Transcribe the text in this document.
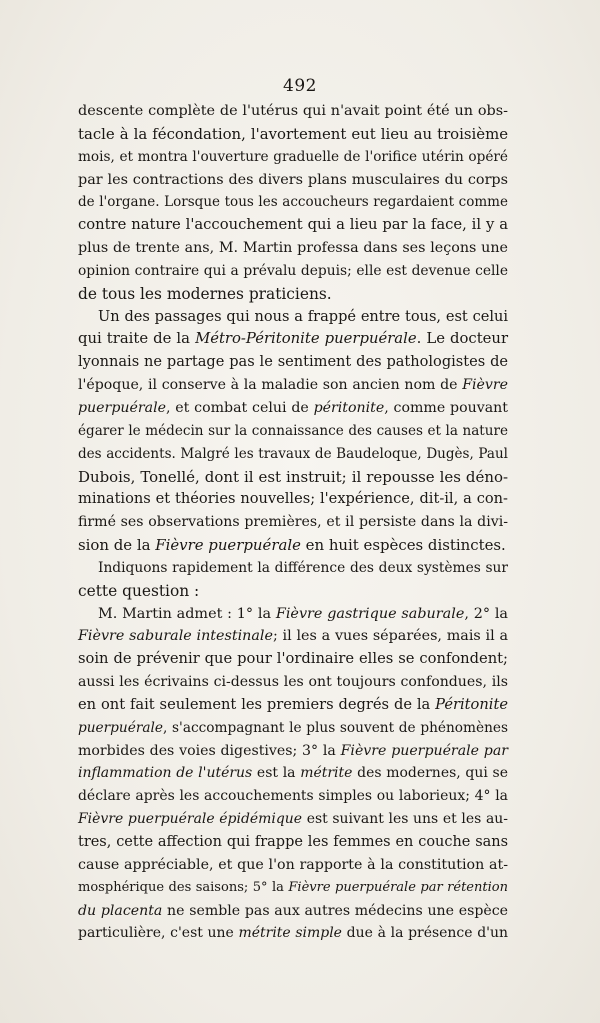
492
descente complète de l'utérus qui n'avait point été un obs-
tacle à la fécondation, l'avortement eut lieu au troisième
mois, et montra l'ouverture graduelle de l'orifice utérin opéré
par les contractions des divers plans musculaires du corps
de l'organe. Lorsque tous les accoucheurs regardaient comme
contre nature l'accouchement qui a lieu par la face, il y a
plus de trente ans, M. Martin professa dans ses leçons une
opinion contraire qui a prévalu depuis; elle est devenue celle
de tous les modernes praticiens.
Un des passages qui nous a frappé entre tous, est celui
qui traite de la Métro-Péritonite puerpuérale. Le docteur
lyonnais ne partage pas le sentiment des pathologistes de
l'époque, il conserve à la maladie son ancien nom de Fièvre
puerpuérale, et combat celui de péritonite, comme pouvant
égarer le médecin sur la connaissance des causes et la nature
des accidents. Malgré les travaux de Baudeloque, Dugès, Paul
Dubois, Tonellé, dont il est instruit; il repousse les déno-
minations et théories nouvelles; l'expérience, dit-il, a con-
firmé ses observations premières, et il persiste dans la divi-
sion de la Fièvre puerpuérale en huit espèces distinctes.
Indiquons rapidement la différence des deux systèmes sur
cette question :
M. Martin admet : 1° la Fièvre gastrique saburale, 2° la
Fièvre saburale intestinale; il les a vues séparées, mais il a
soin de prévenir que pour l'ordinaire elles se confondent;
aussi les écrivains ci-dessus les ont toujours confondues, ils
en ont fait seulement les premiers degrés de la Péritonite
puerpuérale, s'accompagnant le plus souvent de phénomènes
morbides des voies digestives; 3° la Fièvre puerpuérale par
inflammation de l'utérus est la métrite des modernes, qui se
déclare après les accouchements simples ou laborieux; 4° la
Fièvre puerpuérale épidémique est suivant les uns et les au-
tres, cette affection qui frappe les femmes en couche sans
cause appréciable, et que l'on rapporte à la constitution at-
mosphérique des saisons; 5° la Fièvre puerpuérale par rétention
du placenta ne semble pas aux autres médecins une espèce
particulière, c'est une métrite simple due à la présence d'un
